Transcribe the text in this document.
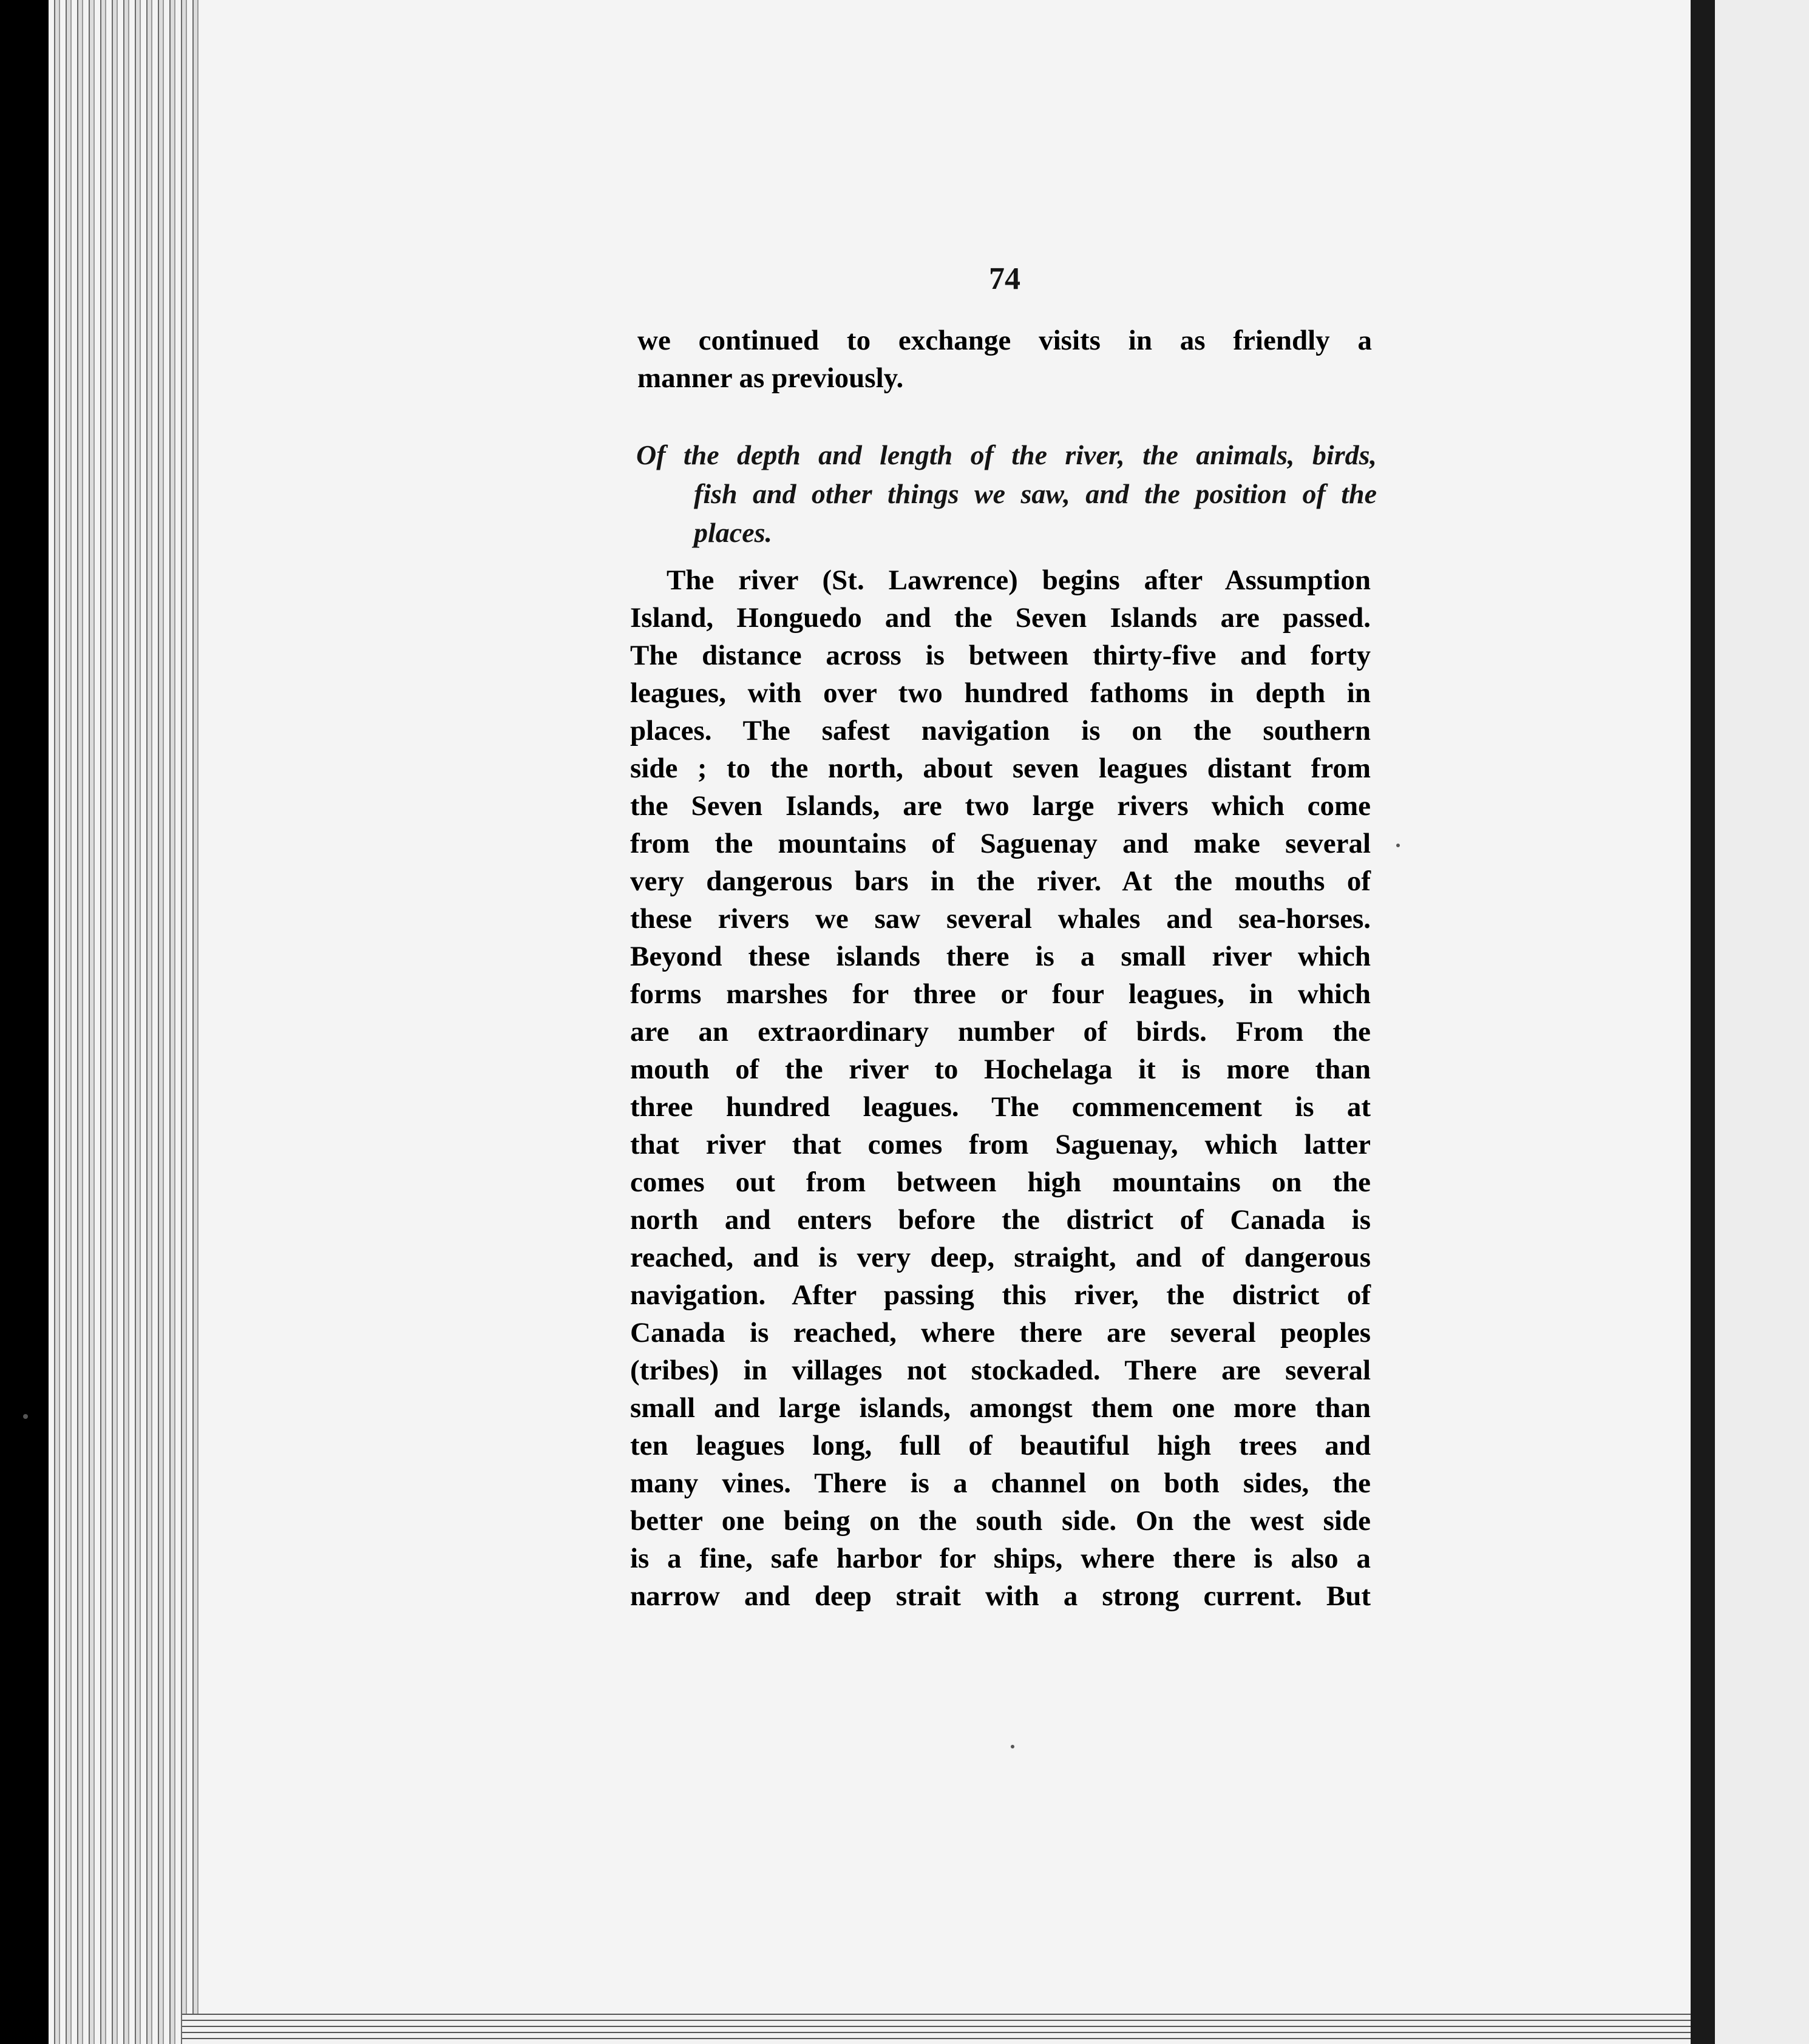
74
we continued to exchange visits in as friendly a
manner as previously.
Of the depth and length of the river, the animals, birds,
fish and other things we saw, and the position of the
places.
The river (St. Lawrence) begins after Assumption
Island, Honguedo and the Seven Islands are passed.
The distance across is between thirty-five and forty
leagues, with over two hundred fathoms in depth in
places. The safest navigation is on the southern
side ; to the north, about seven leagues distant from
the Seven Islands, are two large rivers which come
from the mountains of Saguenay and make several
very dangerous bars in the river. At the mouths of
these rivers we saw several whales and sea-horses.
Beyond these islands there is a small river which
forms marshes for three or four leagues, in which
are an extraordinary number of birds. From the
mouth of the river to Hochelaga it is more than
three hundred leagues. The commencement is at
that river that comes from Saguenay, which latter
comes out from between high mountains on the
north and enters before the district of Canada is
reached, and is very deep, straight, and of dangerous
navigation. After passing this river, the district of
Canada is reached, where there are several peoples
(tribes) in villages not stockaded. There are several
small and large islands, amongst them one more than
ten leagues long, full of beautiful high trees and
many vines. There is a channel on both sides, the
better one being on the south side. On the west side
is a fine, safe harbor for ships, where there is also a
narrow and deep strait with a strong current. But
